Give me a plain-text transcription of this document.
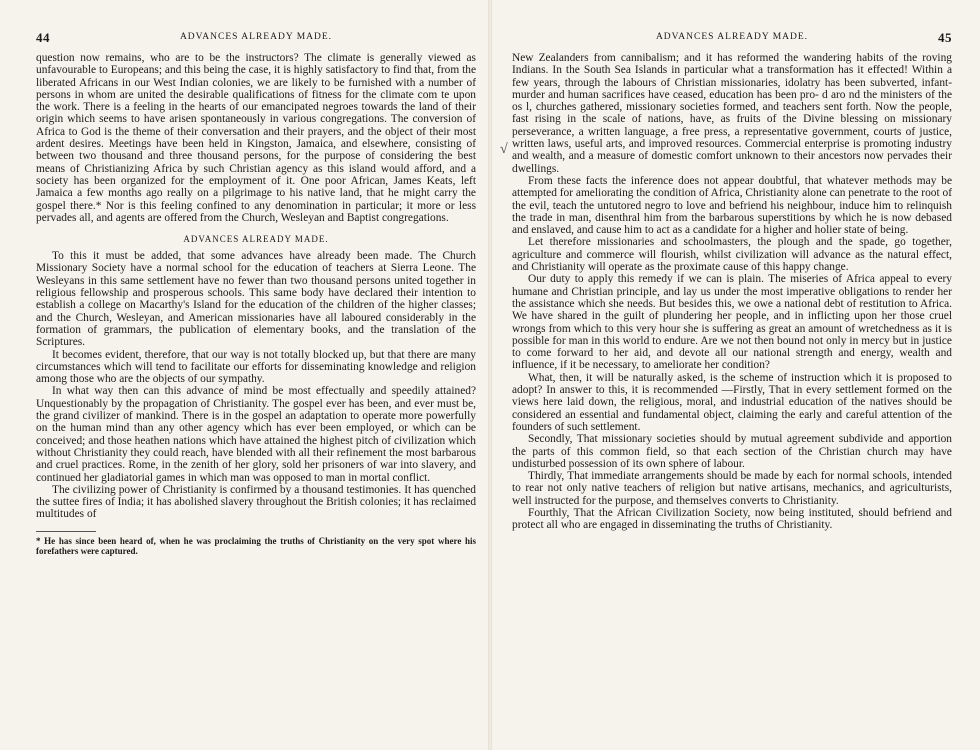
√
44	ADVANCES ALREADY MADE.

question now remains, who are to be the instructors? The climate is generally viewed as unfavourable to Europeans; and this being the case, it is highly satisfactory to find that, from the liberated Africans in our West Indian colonies, we are likely to be furnished with a number of persons in whom are united the desirable qualifications of fitness for the climate com te upon the work. There is a feeling in the hearts of our emancipated negroes towards the land of their origin which seems to have arisen spontaneously in various congregations. The conversion of Africa to God is the theme of their conversation and their prayers, and the object of their most ardent desires. Meetings have been held in Kingston, Jamaica, and elsewhere, consisting of between two thousand and three thousand persons, for the purpose of considering the best means of Christianizing Africa by such Christian agency as this island would afford, and a society has been organized for the employment of it. One poor African, James Keats, left Jamaica a few months ago really on a pilgrimage to his native land, that he might carry the gospel there.* Nor is this feeling confined to any denomination in particular; it more or less pervades all, and agents are offered from the Church, Wesleyan and Baptist congregations.

ADVANCES ALREADY MADE.

To this it must be added, that some advances have already been made. The Church Missionary Society have a normal school for the education of teachers at Sierra Leone. The Wesleyans in this same settlement have no fewer than two thousand persons united together in religious fellowship and prosperous schools. This same body have declared their intention to establish a college on Macarthy's Island for the education of the children of the higher classes; and the Church, Wesleyan, and American missionaries have all laboured considerably in the formation of grammars, the publication of elementary books, and the translation of the Scriptures.

It becomes evident, therefore, that our way is not totally blocked up, but that there are many circumstances which will tend to facilitate our efforts for disseminating knowledge and religion among those who are the objects of our sympathy.

In what way then can this advance of mind be most effectually and speedily attained? Unquestionably by the propagation of Christianity. The gospel ever has been, and ever must be, the grand civilizer of mankind. There is in the gospel an adaptation to operate more powerfully on the human mind than any other agency which has ever been employed, or which can be conceived; and those heathen nations which have attained the highest pitch of civilization which without Christianity they could reach, have blended with all their refinement the most barbarous and cruel practices. Rome, in the zenith of her glory, sold her prisoners of war into slavery, and continued her gladiatorial games in which man was opposed to man in mortal conflict.

The civilizing power of Christianity is confirmed by a thousand testimonies. It has quenched the suttee fires of India; it has abolished slavery throughout the British colonies; it has reclaimed multitudes of

* He has since been heard of, when he was proclaiming the truths of Christianity on the very spot where his forefathers were captured.
ADVANCES ALREADY MADE.	45

New Zealanders from cannibalism; and it has reformed the wandering habits of the roving Indians. In the South Sea Islands in particular what a transformation has it effected! Within a few years, through the labours of Christian missionaries, idolatry has been subverted, infant-murder and human sacrifices have ceased, education has been pro- d aro nd the ministers of the os l, churches gathered, missionary societies formed, and teachers sent forth. Now the people, fast rising in the scale of nations, have, as fruits of the Divine blessing on missionary perseverance, a written language, a free press, a representative government, courts of justice, written laws, useful arts, and improved resources. Commercial enterprise is promoting industry and wealth, and a measure of domestic comfort unknown to their ancestors now pervades their dwellings.

From these facts the inference does not appear doubtful, that whatever methods may be attempted for ameliorating the condition of Africa, Christianity alone can penetrate to the root of the evil, teach the untutored negro to love and befriend his neighbour, induce him to relinquish the trade in man, disenthral him from the barbarous superstitions by which he is now debased and enslaved, and cause him to act as a candidate for a higher and holier state of being.

Let therefore missionaries and schoolmasters, the plough and the spade, go together, agriculture and commerce will flourish, whilst civilization will advance as the natural effect, and Christianity will operate as the proximate cause of this happy change.

Our duty to apply this remedy if we can is plain. The miseries of Africa appeal to every humane and Christian principle, and lay us under the most imperative obligations to render her the assistance which she needs. But besides this, we owe a national debt of restitution to Africa. We have shared in the guilt of plundering her people, and in inflicting upon her those cruel wrongs from which to this very hour she is suffering as great an amount of wretchedness as it is possible for man in this world to endure. Are we not then bound not only in mercy but in justice to come forward to her aid, and devote all our national strength and energy, wealth and influence, if it be necessary, to ameliorate her condition?

What, then, it will be naturally asked, is the scheme of instruction which it is proposed to adopt? In answer to this, it is recommended —Firstly, That in every settlement formed on the views here laid down, the religious, moral, and industrial education of the natives should be considered an essential and fundamental object, claiming the early and careful attention of the founders of such settlement.

Secondly, That missionary societies should by mutual agreement subdivide and apportion the parts of this common field, so that each section of the Christian church may have undisturbed possession of its own sphere of labour.

Thirdly, That immediate arrangements should be made by each for normal schools, intended to rear not only native teachers of religion but native artisans, mechanics, and agriculturists, well instructed for the purpose, and themselves converts to Christianity.

Fourthly, That the African Civilization Society, now being instituted, should befriend and protect all who are engaged in disseminating the truths of Christianity.
